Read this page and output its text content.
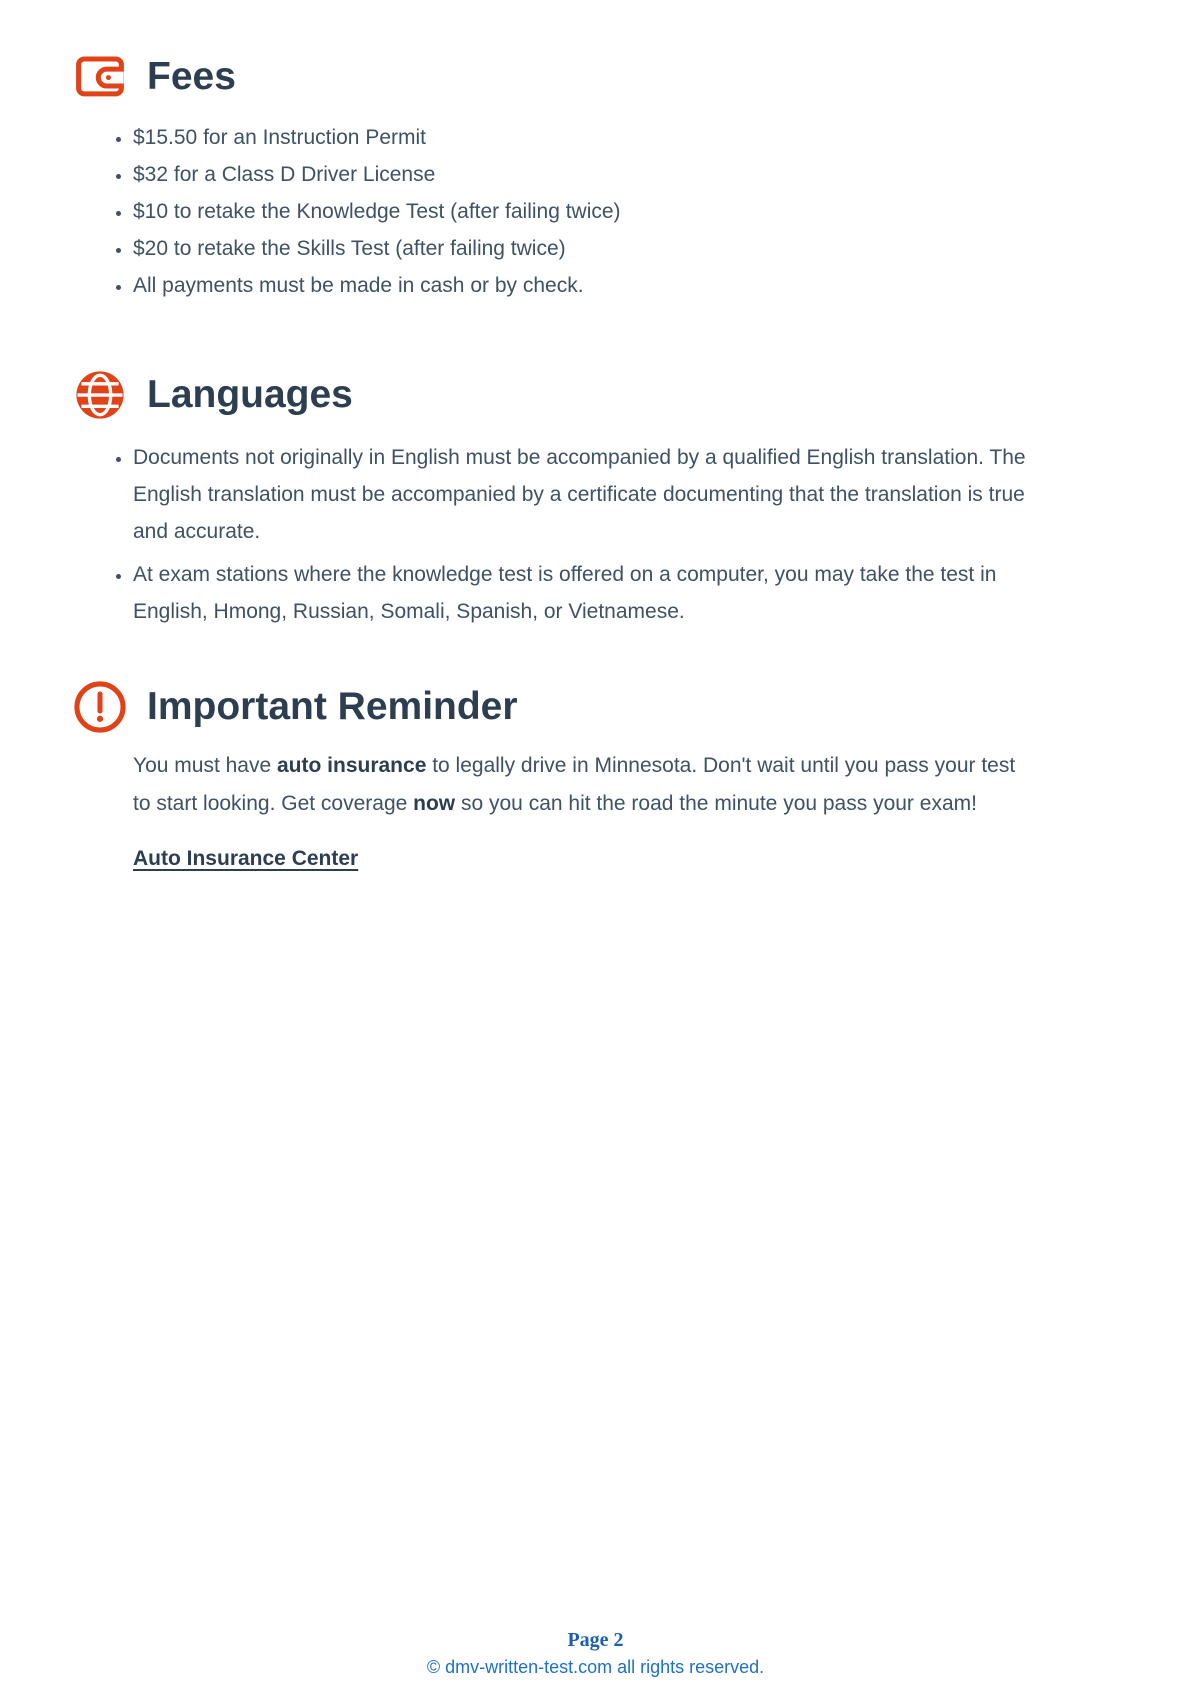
Fees
• $15.50 for an Instruction Permit
• $32 for a Class D Driver License
• $10 to retake the Knowledge Test (after failing twice)
• $20 to retake the Skills Test (after failing twice)
• All payments must be made in cash or by check.
Languages
• Documents not originally in English must be accompanied by a qualified English translation. The English translation must be accompanied by a certificate documenting that the translation is true and accurate.
• At exam stations where the knowledge test is offered on a computer, you may take the test in English, Hmong, Russian, Somali, Spanish, or Vietnamese.
Important Reminder

You must have auto insurance to legally drive in Minnesota. Don't wait until you pass your test to start looking. Get coverage now so you can hit the road the minute you pass your exam!

Auto Insurance Center
Page 2
© dmv-written-test.com all rights reserved.
